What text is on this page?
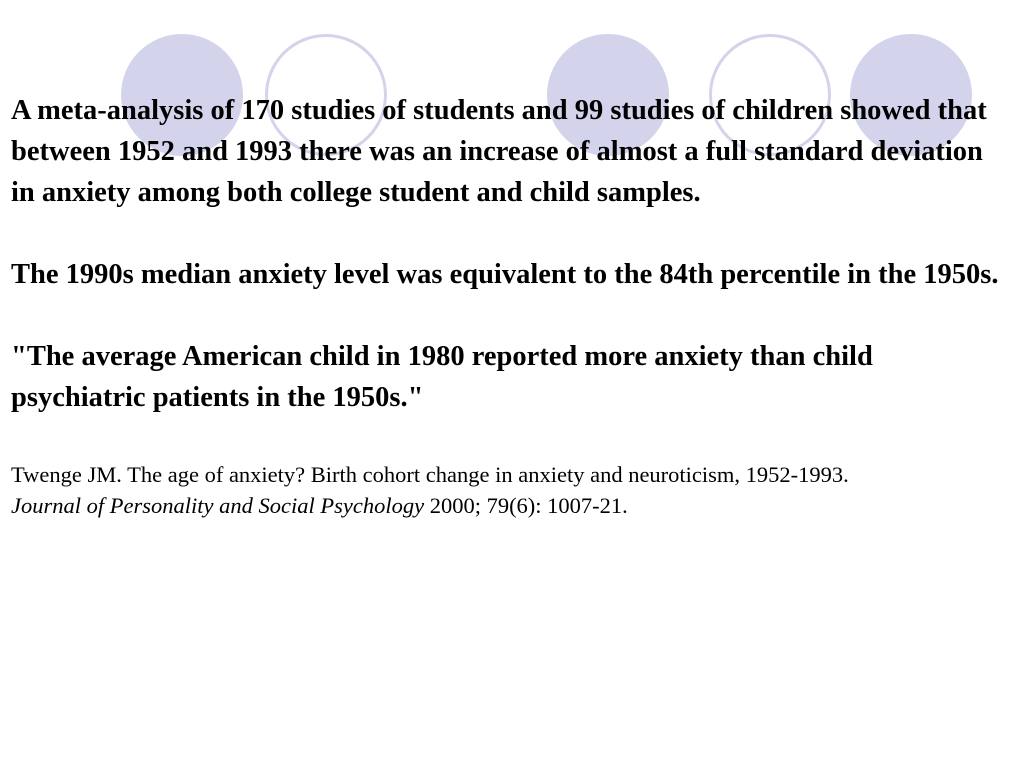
A meta-analysis of 170 studies of students and 99 studies of children showed that between 1952 and 1993 there was an increase of almost a full standard deviation in anxiety among both college student and child samples.

The 1990s median anxiety level was equivalent to the 84th percentile in the 1950s.

"The average American child in 1980 reported more anxiety than child psychiatric patients in the 1950s."

Twenge JM. The age of anxiety? Birth cohort change in anxiety and neuroticism, 1952-1993.
Journal of Personality and Social Psychology 2000; 79(6): 1007-21.
